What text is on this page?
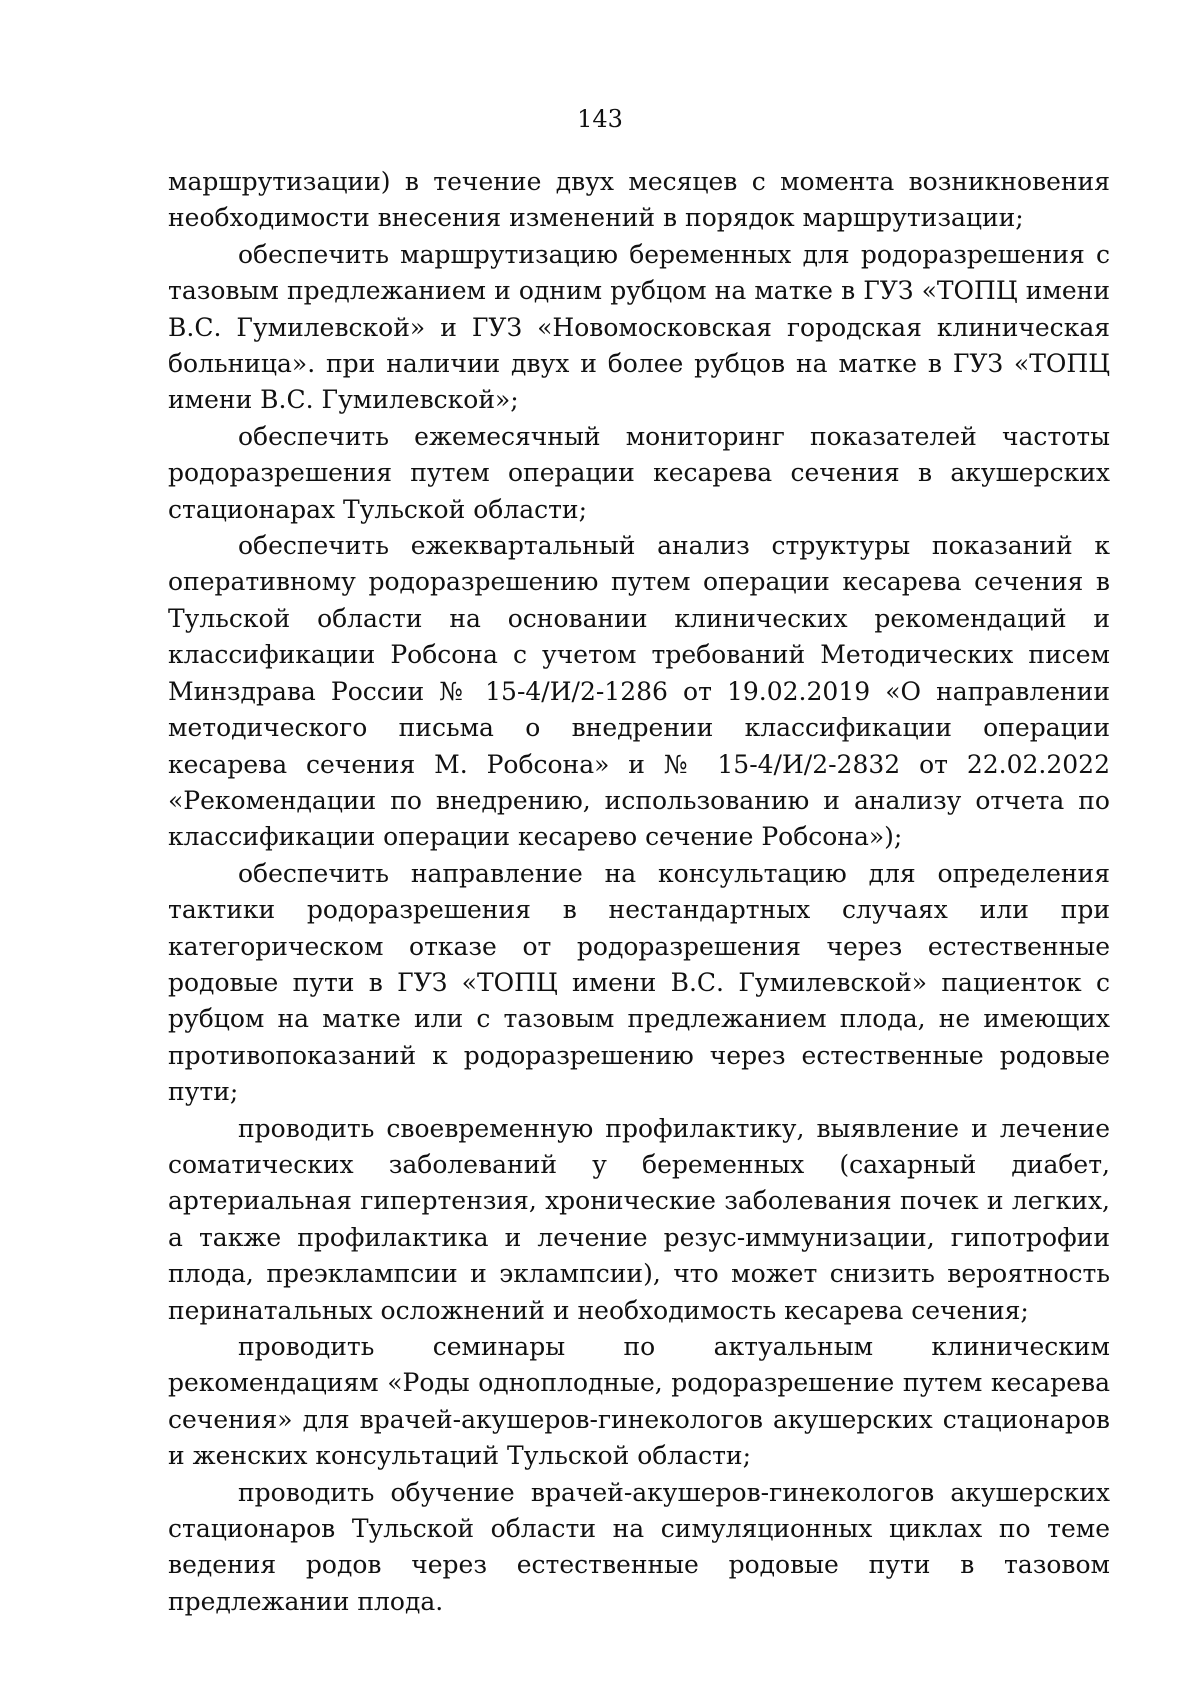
143

маршрутизации) в течение двух месяцев с момента возникновения необходимости внесения изменений в порядок маршрутизации;

обеспечить маршрутизацию беременных для родоразрешения с тазовым предлежанием и одним рубцом на матке в ГУЗ «ТОПЦ имени В.С. Гумилевской» и ГУЗ «Новомосковская городская клиническая больница». при наличии двух и более рубцов на матке в ГУЗ «ТОПЦ имени В.С. Гумилевской»;

обеспечить ежемесячный мониторинг показателей частоты родоразрешения путем операции кесарева сечения в акушерских стационарах Тульской области;

обеспечить ежеквартальный анализ структуры показаний к оперативному родоразрешению путем операции кесарева сечения в Тульской области на основании клинических рекомендаций и классификации Робсона с учетом требований Методических писем Минздрава России № 15-4/И/2-1286 от 19.02.2019 «О направлении методического письма о внедрении классификации операции кесарева сечения М. Робсона» и № 15-4/И/2-2832 от 22.02.2022 «Рекомендации по внедрению, использованию и анализу отчета по классификации операции кесарево сечение Робсона»);

обеспечить направление на консультацию для определения тактики родоразрешения в нестандартных случаях или при категорическом отказе от родоразрешения через естественные родовые пути в ГУЗ «ТОПЦ имени В.С. Гумилевской» пациенток с рубцом на матке или с тазовым предлежанием плода, не имеющих противопоказаний к родоразрешению через естественные родовые пути;

проводить своевременную профилактику, выявление и лечение соматических заболеваний у беременных (сахарный диабет, артериальная гипертензия, хронические заболевания почек и легких, а также профилактика и лечение резус-иммунизации, гипотрофии плода, преэклампсии и эклампсии), что может снизить вероятность перинатальных осложнений и необходимость кесарева сечения;

проводить семинары по актуальным клиническим рекомендациям «Роды одноплодные, родоразрешение путем кесарева сечения» для врачей-акушеров-гинекологов акушерских стационаров и женских консультаций Тульской области;

проводить обучение врачей-акушеров-гинекологов акушерских стационаров Тульской области на симуляционных циклах по теме ведения родов через естественные родовые пути в тазовом предлежании плода.
